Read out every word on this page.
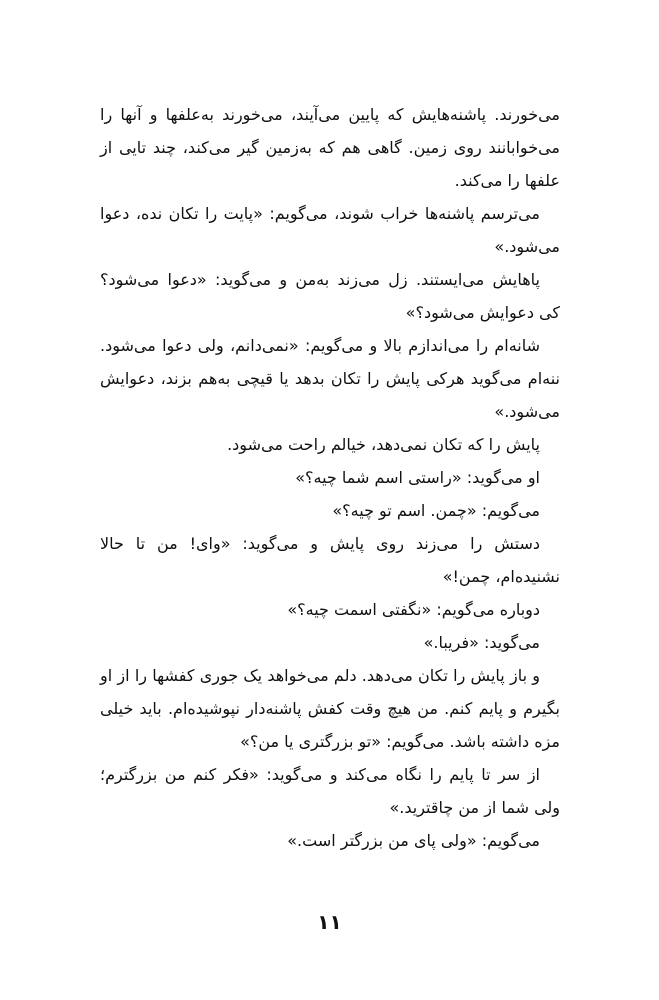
می‌خورند. پاشنه‌هایش که پایین می‌آیند، می‌خورند به‌علفها و آنها را می‌خوابانند روی زمین. گاهی هم که به‌زمین گیر می‌کند، چند تایی از علفها را می‌کند.

می‌ترسم پاشنه‌ها خراب شوند، می‌گویم: «پایت را تکان نده، دعوا می‌شود.»

پاهایش می‌ایستند. زل می‌زند به‌من و می‌گوید: «دعوا می‌شود؟ کی دعوایش می‌شود؟»

شانه‌ام را می‌اندازم بالا و می‌گویم: «نمی‌دانم، ولی دعوا می‌شود. ننه‌ام می‌گوید هرکی پایش را تکان بدهد یا قیچی به‌هم بزند، دعوایش می‌شود.»

پایش را که تکان نمی‌دهد، خیالم راحت می‌شود.

او می‌گوید: «راستی اسم شما چیه؟»

می‌گویم: «چمن. اسم تو چیه؟»

دستش را می‌زند روی پایش و می‌گوید: «وای! من تا حالا نشنیده‌ام، چمن!»

دوباره می‌گویم: «نگفتی اسمت چیه؟»

می‌گوید: «فریبا.»

و باز پایش را تکان می‌دهد. دلم می‌خواهد یک جوری کفشها را از او بگیرم و پایم کنم. من هیچ وقت کفش پاشنه‌دار نپوشیده‌ام. باید خیلی مزه داشته باشد. می‌گویم: «تو بزرگتری یا من؟»

از سر تا پایم را نگاه می‌کند و می‌گوید: «فکر کنم من بزرگترم؛ ولی شما از من چاقترید.»

می‌گویم: «ولی پای من بزرگتر است.»

۱۱
